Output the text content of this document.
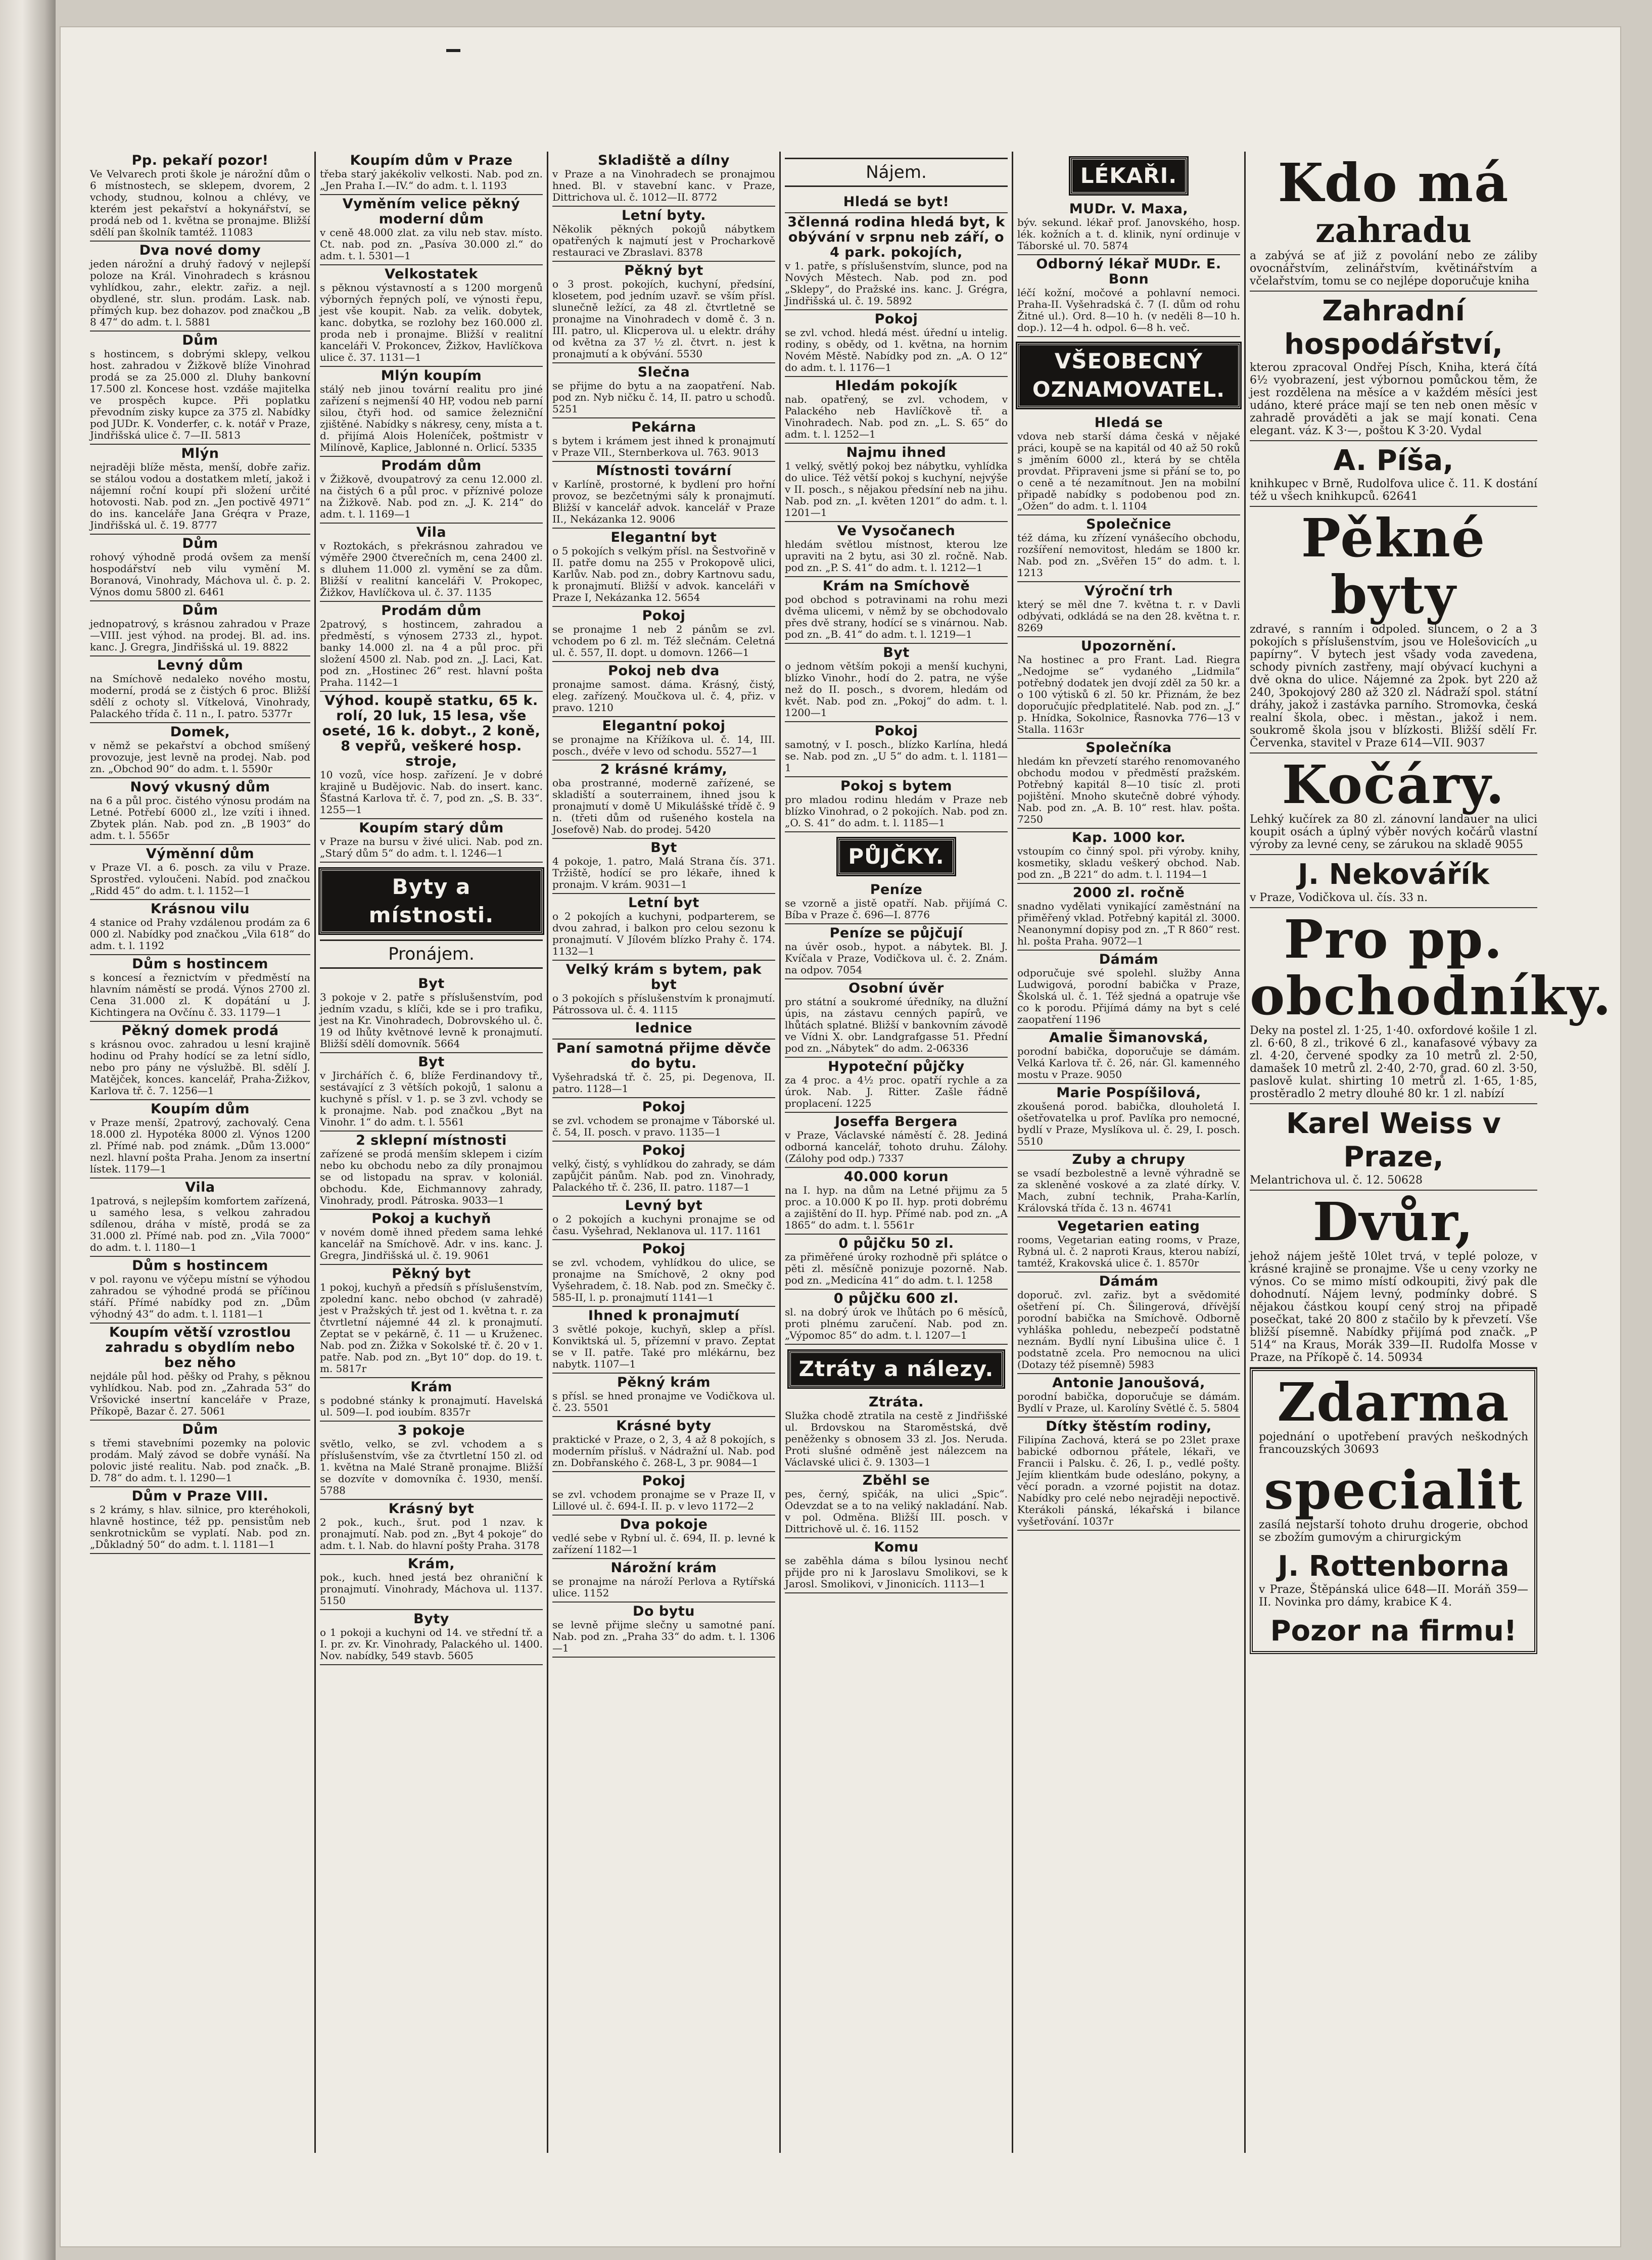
Pp. pekaří pozor!
Ve Velvarech proti škole je nárožní dům o 6 místnostech, se sklepem, dvorem, 2 vchody, studnou, kolnou a chlévy, ve kterém jest pekařství a hokynářství, se prodá neb od 1. května se pronajme. Bližší sdělí pan školník tamtéž. 11083
Dva nové domy
jeden nárožní a druhý řadový v nejlepší poloze na Král. Vinohradech s krásnou vyhlídkou, zahr., elektr. zařiz. a nejl. obydlené, str. slun. prodám. Lask. nab. přímých kup. bez dohazov. pod značkou „B 8 47“ do adm. t. l. 5881
Dům
s hostincem, s dobrými sklepy, velkou host. zahradou v Žižkově blíže Vinohrad prodá se za 25.000 zl. Dluhy bankovní 17.500 zl. Koncese host. vzdáše majitelka ve prospěch kupce. Při poplatku převodním zisky kupce za 375 zl. Nabídky pod JUDr. K. Vonderfer, c. k. notář v Praze, Jindřišská ulice č. 7—II. 5813
Mlýn
nejraději blíže města, menší, dobře zařiz. se stálou vodou a dostatkem mletí, jakož i nájemní roční koupí při složení určité hotovosti. Nab. pod zn. „Jen poctivě 4971“ do ins. kanceláře Jana Gréqra v Praze, Jindřišská ul. č. 19. 8777
Dům
rohový výhodně prodá ovšem za menší hospodářství neb vilu vymění M. Boranová, Vinohrady, Máchova ul. č. p. 2. Výnos domu 5800 zl. 6461
Dům
jednopatrový, s krásnou zahradou v Praze—VIII. jest výhod. na prodej. Bl. ad. ins. kanc. J. Gregra, Jindřišská ul. 19. 8822
Levný dům
na Smíchově nedaleko nového mostu, moderní, prodá se z čistých 6 proc. Bližší sdělí z ochoty sl. Vítkelová, Vinohrady, Palackého třída č. 11 n., I. patro. 5377r
Domek,
v němž se pekařství a obchod smíšený provozuje, jest levně na prodej. Nab. pod zn. „Obchod 90“ do adm. t. l. 5590r
Nový vkusný dům
na 6 a půl proc. čistého výnosu prodám na Letné. Potřebí 6000 zl., lze vzíti i ihned. Zbytek plán. Nab. pod zn. „B 1903“ do adm. t. l. 5565r
Výměnní dům
v Praze VI. a 6. posch. za vilu v Praze. Sprostřed. vyloučeni. Nabíd. pod značkou „Ridd 45“ do adm. t. l. 1152—1
Krásnou vilu
4 stanice od Prahy vzdálenou prodám za 6 000 zl. Nabídky pod značkou „Vila 618“ do adm. t. l. 1192
Dům s hostincem
s koncesí a řeznictvím v předměstí na hlavním náměstí se prodá. Výnos 2700 zl. Cena 31.000 zl. K dopátání u J. Kichtingera na Ovčínu č. 33. 1179—1
Pěkný domek prodá
s krásnou ovoc. zahradou u lesní krajině hodinu od Prahy hodící se za letní sídlo, nebo pro pány ne výslužbě. Bl. sdělí J. Matějček, konces. kancelář, Praha-Žižkov, Karlova tř. č. 7. 1256—1
Koupím dům
v Praze menší, 2patrový, zachovalý. Cena 18.000 zl. Hypotéka 8000 zl. Výnos 1200 zl. Přímé nab. pod známk. „Dům 13.000“ nezl. hlavní pošta Praha. Jenom za insertní lístek. 1179—1
Vila
1patrová, s nejlepším komfortem zařízená, u samého lesa, s velkou zahradou sdílenou, dráha v místě, prodá se za 31.000 zl. Přímé nab. pod zn. „Vila 7000“ do adm. t. l. 1180—1
Dům s hostincem
v pol. rayonu ve výčepu místní se výhodou zahradou se výhodné prodá se příčinou stáří. Přímé nabídky pod zn. „Dům výhodný 43“ do adm. t. l. 1181—1
Koupím větší vzrostlou zahradu s obydlím nebo bez něho
nejdále půl hod. pěšky od Prahy, s pěknou vyhlídkou. Nab. pod zn. „Zahrada 53“ do Vršovické insertní kanceláře v Praze, Příkopě, Bazar č. 27. 5061
Dům
s třemi stavebními pozemky na polovic prodám. Malý závod se dobře vynáší. Na polovic jisté realitu. Nab. pod značk. „B. D. 78“ do adm. t. l. 1290—1
Dům v Praze VIII.
s 2 krámy, s hlav. silnice, pro kteréhokoli, hlavně hostince, též pp. pensistům neb senkrotnickům se vyplatí. Nab. pod zn. „Důkladný 50“ do adm. t. l. 1181—1
Koupím dům v Praze
třeba starý jakékoliv velkosti. Nab. pod zn. „Jen Praha I.—IV.“ do adm. t. l. 1193
Vyměním velice pěkný moderní dům
v ceně 48.000 zlat. za vilu neb stav. místo. Ct. nab. pod zn. „Pasíva 30.000 zl.“ do adm. t. l. 5301—1
Velkostatek
s pěknou výstavností a s 1200 morgenů výborných řepných polí, ve výnosti řepu, jest vše koupit. Nab. za velik. dobytek, kanc. dobytka, se rozlohy bez 160.000 zl. proda neb i pronajme. Bližší v realitní kanceláři V. Prokoncev, Žižkov, Havlíčkova ulice č. 37. 1131—1
Mlýn koupím
stálý neb jinou tovární realitu pro jiné zařízení s nejmenší 40 HP, vodou neb parní silou, čtyři hod. od samice železniční zjištěné. Nabídky s nákresy, ceny, místa a t. d. přijímá Alois Holeníček, poštmistr v Milínově, Kaplice, Jablonné n. Orlicí. 5335
Prodám dům
v Žižkově, dvoupatrový za cenu 12.000 zl. na čistých 6 a půl proc. v příznivé poloze na Žižkově. Nab. pod zn. „J. K. 214“ do adm. t. l. 1169—1
Vila
v Roztokách, s překrásnou zahradou ve výměře 2900 čtverečních m, cena 2400 zl. s dluhem 11.000 zl. vymění se za dům. Bližší v realitní kanceláři V. Prokopec, Žižkov, Havlíčkova ul. č. 37. 1135
Prodám dům
2patrový, s hostincem, zahradou a předměstí, s výnosem 2733 zl., hypot. banky 14.000 zl. na 4 a půl proc. při složení 4500 zl. Nab. pod zn. „J. Laci, Kat. pod zn. „Hostinec 26“ rest. hlavní pošta Praha. 1142—1
Výhod. koupě statku, 65 k. rolí, 20 luk, 15 lesa, vše oseté, 16 k. dobyt., 2 koně, 8 vepřů, veškeré hosp. stroje,
10 vozů, více hosp. zařízení. Je v dobré krajině u Budějovic. Nab. do insert. kanc. Šťastná Karlova tř. č. 7, pod zn. „S. B. 33“. 1255—1
Koupím starý dům
v Praze na bursu v živé ulici. Nab. pod zn. „Starý dům 5“ do adm. t. l. 1246—1
Byty a místnosti.
Pronájem.
Byt
3 pokoje v 2. patře s příslušenstvím, pod jedním vzadu, s klíči, kde se i pro trafiku, jest na Kr. Vinohradech, Dobrovského ul. č. 19 od lhůty květnové levně k pronajmutí. Bližší sdělí domovník. 5664
Byt
v Jirchářích č. 6, blíže Ferdinandovy tř., sestávající z 3 větších pokojů, 1 salonu a kuchyně s přísl. v 1. p. se 3 zvl. vchody se k pronajme. Nab. pod značkou „Byt na Vinohr. 1“ do adm. t. l. 5561
2 sklepní místnosti
zařízené se prodá menším sklepem i cizím nebo ku obchodu nebo za díly pronajmou se od listopadu na sprav. v koloniál. obchodu. Kde, Eichmannovy zahrady, Vinohrady, prodl. Pátroska. 9033—1
Pokoj a kuchyň
v novém domě ihned předem sama lehké kancelář na Smíchově. Adr. v ins. kanc. J. Gregra, Jindřišská ul. č. 19. 9061
Pěkný byt
1 pokoj, kuchyň a předsíň s příslušenstvím, zpolední kanc. nebo obchod (v zahradě) jest v Pražských tř. jest od 1. května t. r. za čtvrtletní nájemné 44 zl. k pronajmutí. Zeptat se v pekárně, č. 11 — u Kruženec. Nab. pod zn. Žižka v Sokolské tř. č. 20 v 1. patře. Nab. pod zn. „Byt 10“ dop. do 19. t. m. 5817r
Krám
s podobné stánky k pronajmutí. Havelská ul. 509—I. pod ioubím. 8357r
3 pokoje
světlo, velko, se zvl. vchodem a s příslušenstvím, vše za čtvrtletní 150 zl. od 1. května na Malé Straně pronajme. Bližší se dozvíte v domovníka č. 1930, menší. 5788
Krásný byt
2 pok., kuch., šrut. pod 1 nzav. k pronajmutí. Nab. pod zn. „Byt 4 pokoje“ do adm. t. l. Nab. do hlavní pošty Praha. 3178
Krám,
pok., kuch. hned jestá bez ohraniční k pronajmutí. Vinohrady, Máchova ul. 1137. 5150
Byty
o 1 pokoji a kuchyni od 14. ve střední tř. a I. pr. zv. Kr. Vinohrady, Palackého ul. 1400. Nov. nabídky, 549 stavb. 5605
Skladiště a dílny
v Praze a na Vinohradech se pronajmou hned. Bl. v stavební kanc. v Praze, Dittrichova ul. č. 1012—II. 8772
Letní byty.
Několik pěkných pokojů nábytkem opatřených k najmutí jest v Procharkově restauraci ve Zbraslavi. 8378
Pěkný byt
o 3 prost. pokojích, kuchyní, předsíní, klosetem, pod jedním uzavř. se vším přísl. slunečně ležící, za 48 zl. čtvrtletně se pronajme na Vinohradech v domě č. 3 n. III. patro, ul. Klicperova ul. u elektr. dráhy od května za 37 ½ zl. čtvrt. n. jest k pronajmutí a k obývání. 5530
Slečna
se přijme do bytu a na zaopatření. Nab. pod zn. Nyb ničku č. 14, II. patro u schodů. 5251
Pekárna
s bytem i krámem jest ihned k pronajmutí v Praze VII., Sternberkova ul. 763. 9013
Místnosti tovární
v Karlíně, prostorné, k bydlení pro hořní provoz, se bezčetnými sály k pronajmutí. Bližší v kancelář advok. kancelář v Praze II., Nekázanka 12. 9006
Elegantní byt
o 5 pokojích s velkým přísl. na Šestvořině v II. patře domu na 255 v Prokopově ulici, Karlův. Nab. pod zn., dobry Kartnovu sadu, k pronajmutí. Bližší v advok. kanceláři v Praze I, Nekázanka 12. 5654
Pokoj
se pronajme 1 neb 2 pánům se zvl. vchodem po 6 zl. m. Též slečnám. Celetná ul. č. 557, II. dopt. u domovn. 1266—1
Pokoj neb dva
pronajme samost. dáma. Krásný, čistý, eleg. zařízený. Moučkova ul. č. 4, přiz. v pravo. 1210
Elegantní pokoj
se pronajme na Křížíkova ul. č. 14, III. posch., dvéře v levo od schodu. 5527—1
2 krásné krámy,
oba prostranné, moderně zařízené, se skladiští a souterrainem, ihned jsou k pronajmutí v domě U Mikulášské třídě č. 9 n. (třeti dům od rušeného kostela na Josefově) Nab. do prodej. 5420
Byt
4 pokoje, 1. patro, Malá Strana čís. 371. Tržiště, hodící se pro lékaře, ihned k pronajm. V krám. 9031—1
Letní byt
o 2 pokojích a kuchyni, podparterem, se dvou zahrad, i balkon pro celou sezonu k pronajmutí. V Jílovém blízko Prahy č. 174. 1132—1
Velký krám s bytem, pak byt
o 3 pokojích s příslušenstvím k pronajmutí. Pátrossova ul. č. 4. 1115
lednice
Paní samotná přijme děvče do bytu.
Vyšehradská tř. č. 25, pi. Degenova, II. patro. 1128—1
Pokoj
se zvl. vchodem se pronajme v Táborské ul. č. 54, II. posch. v pravo. 1135—1
Pokoj
velký, čistý, s vyhlídkou do zahrady, se dám zapůjčit pánům. Nab. pod zn. Vinohrady, Palackého tř. č. 236, II. patro. 1187—1
Levný byt
o 2 pokojích a kuchyni pronajme se od času. Vyšehrad, Neklanova ul. 117. 1161
Pokoj
se zvl. vchodem, vyhlídkou do ulice, se pronajme na Smíchově, 2 okny pod Vyšehradem, č. 18. Nab. pod zn. Smečky č. 585-II, l. p. pronajmutí 1141—1
Ihned k pronajmutí
3 světlé pokoje, kuchyň, sklep a přísl. Konviktská ul. 5, přízemní v pravo. Zeptat se v II. patře. Také pro mlékárnu, bez nabytk. 1107—1
Pěkný krám
s přísl. se hned pronajme ve Vodičkova ul. č. 23. 5501
Krásné byty
praktické v Praze, o 2, 3, 4 až 8 pokojích, s moderním přísluš. v Nádražní ul. Nab. pod zn. Dobřanského č. 268-L, 3 pr. 9084—1
Pokoj
se zvl. vchodem pronajme se v Praze II, v Lillové ul. č. 694-I. II. p. v levo 1172—2
Dva pokoje
vedlé sebe v Rybní ul. č. 694, II. p. levné k zařízení 1182—1
Nárožní krám
se pronajme na nároží Perlova a Rytířská ulice. 1152
Do bytu
se levně přijme slečny u samotné paní. Nab. pod zn. „Praha 33“ do adm. t. l. 1306—1
Nájem.
Hledá se byt!
3členná rodina hledá byt, k obývání v srpnu neb září, o 4 park. pokojích,
v 1. patře, s příslušenstvím, slunce, pod na Nových Městech. Nab. pod zn. pod „Sklepy“, do Pražské ins. kanc. J. Grégra, Jindřišská ul. č. 19. 5892
Pokoj
se zvl. vchod. hledá mést. úřední u intelig. rodiny, s obědy, od 1. května, na hornim Novém Městě. Nabídky pod zn. „A. O 12“ do adm. t. l. 1176—1
Hledám pokojík
nab. opatřený, se zvl. vchodem, v Palackého neb Havlíčkově tř. a Vinohradech. Nab. pod zn. „L. S. 65“ do adm. t. l. 1252—1
Najmu ihned
1 velký, světlý pokoj bez nábytku, vyhlídka do ulice. Též větší pokoj s kuchyní, nejvýše v II. posch., s nějakou předsíní neb na jihu. Nab. pod zn. „I. květen 1201“ do adm. t. l. 1201—1
Ve Vysočanech
hledám světlou místnost, kterou lze upraviti na 2 bytu, asi 30 zl. ročně. Nab. pod zn. „P. S. 41“ do adm. t. l. 1212—1
Krám na Smíchově
pod obchod s potravinami na rohu mezi dvěma ulicemi, v němž by se obchodovalo přes dvě strany, hodící se s vinárnou. Nab. pod zn. „B. 41“ do adm. t. l. 1219—1
Byt
o jednom větším pokoji a menší kuchyni, blízko Vinohr., hodí do 2. patra, ne výše než do II. posch., s dvorem, hledám od květ. Nab. pod zn. „Pokoj“ do adm. t. l. 1200—1
Pokoj
samotný, v I. posch., blízko Karlína, hledá se. Nab. pod zn. „U 5“ do adm. t. l. 1181—1
Pokoj s bytem
pro mladou rodinu hledám v Praze neb blízko Vinohrad, o 2 pokojích. Nab. pod zn. „O. S. 41“ do adm. t. l. 1185—1
PŮJČKY.
Peníze
se vzorně a jistě opatří. Nab. přijímá C. Bíba v Praze č. 696—I. 8776
Peníze se půjčují
na úvěr osob., hypot. a nábytek. Bl. J. Kvíčala v Praze, Vodičkova ul. č. 2. Znám. na odpov. 7054
Osobní úvěr
pro státní a soukromé úředníky, na dlužní úpis, na zástavu cenných papírů, ve lhůtách splatné. Bližší v bankovním závodě ve Vídni X. obr. Landgrafgasse 51. Přední pod zn. „Nábytek“ do adm. 2-06336
Hypoteční půjčky
za 4 proc. a 4½ proc. opatří rychle a za úrok. Nab. J. Ritter. Zašle řádně proplacení. 1225
Joseffa Bergera
v Praze, Václavské náměstí č. 28. Jediná odborná kancelář, tohoto druhu. Zálohy. (Zálohy pod odp.) 7337
40.000 korun
na I. hyp. na dům na Letné přijmu za 5 proc. a 10.000 K po II. hyp. proti dobrému a zajištění do II. hyp. Přímé nab. pod zn. „A 1865“ do adm. t. l. 5561r
0 půjčku 50 zl.
za přiměřené úroky rozhodně při splátce o pěti zl. měsíčně ponizuje pozorně. Nab. pod zn. „Medicína 41“ do adm. t. l. 1258
0 půjčku 600 zl.
sl. na dobrý úrok ve lhůtách po 6 měsíců, proti plnému zaručení. Nab. pod zn. „Výpomoc 85“ do adm. t. l. 1207—1
Ztráty a nálezy.
Ztráta.
Služka chodě ztratila na cestě z Jindřišské ul. Brdovskou na Staroměstská, dvě peněženky s obnosem 33 zl. Jos. Neruda. Proti slušné odměně jest nálezcem na Václavské ulici č. 9. 1303—1
Zběhl se
pes, černý, spičák, na ulici „Spic“. Odevzdat se a to na veliký nakladání. Nab. v pol. Odměna. Bližší III. posch. v Dittrichově ul. č. 16. 1152
Komu
se zaběhla dáma s bílou lysinou nechť přijde pro ni k Jaroslavu Smolikovi, se k Jarosl. Smolikovi, v Jinonicích. 1113—1
LÉKAŘI.
MUDr. V. Maxa,
býv. sekund. lékař prof. Janovského, hosp. lék. kožních a t. d. klinik, nyní ordinuje v Táborské ul. 70. 5874
Odborný lékař MUDr. E. Bonn
léčí kožní, močové a pohlavní nemoci. Praha-II. Vyšehradská č. 7 (I. dům od rohu Žitné ul.). Ord. 8—10 h. (v neděli 8—10 h. dop.). 12—4 h. odpol. 6—8 h. več.
VŠEOBECNÝ OZNAMOVATEL.
Hledá se
vdova neb starší dáma česká v nějaké práci, koupě se na kapitál od 40 až 50 roků s jměním 6000 zl., která by se chtěla provdat. Připraveni jsme si přání se to, po o ceně a té nezamítnout. Jen na mobilní připadě nabídky s podobenou pod zn. „Ožen“ do adm. t. l. 1104
Společnice
též dáma, ku zřízení vynášecího obchodu, rozšíření nemovitost, hledám se 1800 kr. Nab. pod zn. „Svěřen 15“ do adm. t. l. 1213
Výroční trh
který se měl dne 7. května t. r. v Davli odbývati, odkládá se na den 28. května t. r. 8269
Upozornění.
Na hostinec a pro Frant. Lad. Riegra „Nedojme se“ vydaného „Lidmila“ potřebný dodatek jen dvojí zděl za 50 kr. a o 100 výtisků 6 zl. 50 kr. Přiznám, že bez doporučujíc předplatitelé. Nab. pod zn. „J.“ p. Hnídka, Sokolnice, Řasnovka 776—13 v Stalla. 1163r
Společníka
hledám kn převzetí starého renomovaného obchodu modou v předměstí pražském. Potřebný kapitál 8—10 tisíc zl. proti pojištění. Mnoho skutečně dobré výhody. Nab. pod zn. „A. B. 10“ rest. hlav. pošta. 7250
Kap. 1000 kor.
vstoupím co činný spol. při výroby. knihy, kosmetiky, skladu veškerý obchod. Nab. pod zn. „B 221“ do adm. t. l. 1194—1
2000 zl. ročně
snadno vydělati vynikající zaměstnání na přiměřený vklad. Potřebný kapitál zl. 3000. Neanonymní dopisy pod zn. „T R 860“ rest. hl. pošta Praha. 9072—1
Dámám
odporučuje své spolehl. služby Anna Ludwigová, porodní babička v Praze, Školská ul. č. 1. Též sjedná a opatruje vše co k porodu. Přijímá dámy na byt s celé zaopatření 1196
Amalie Šimanovská,
porodní babička, doporučuje se dámám. Velká Karlova tř. č. 26, nár. Gl. kamenného mostu v Praze. 9050
Marie Pospíšilová,
zkoušená porod. babička, dlouholetá I. ošetřovatelka u prof. Pavlíka pro nemocné, bydlí v Praze, Myslíkova ul. č. 29, I. posch. 5510
Zuby a chrupy
se vsadí bezbolestně a levně výhradně se za skleněné voskové a za zlaté dírky. V. Mach, zubní technik, Praha-Karlín, Královská třída č. 13 n. 46741
Vegetarien eating
rooms, Vegetarian eating rooms, v Praze, Rybná ul. č. 2 naproti Kraus, kterou nabízí, tamtéž, Krakovská ulice č. 1. 8570r
Dámám
doporuč. zvl. zařiz. byt a svědomité ošetření pí. Ch. Šilingerová, dřívější porodní babička na Smíchově. Odborně vyhláška pohledu, nebezpečí podstatně neznám. Bydlí nyní Libušina ulice č. 1 podstatně zcela. Pro nemocnou na ulici (Dotazy též písemně) 5983
Antonie Janoušová,
porodní babička, doporučuje se dámám. Bydlí v Praze, ul. Karolíny Světlé č. 5. 5804
Dítky štěstím rodiny,
Filipína Zachová, která se po 23let praxe babické odbornou přátele, lékaři, ve Francii i Palsku. č. 26, I. p., vedlé pošty. Jejím klientkám bude odesláno, pokyny, a věcí poradn. a vzorné pojistit na dotaz. Nabídky pro celé nebo nejraději nepoctivě. Kterákoli pánská, lékařská i bilance vyšetřování. 1037r
Kdo má
zahradu
a zabývá se ať již z povolání nebo ze záliby ovocnářstvím, zelinářstvím, květinářstvím a včelařstvím, tomu se co nejlépe doporučuje kniha
Zahradní hospodářství,
kterou zpracoval Ondřej Písch, Kniha, která čítá 6½ vyobrazení, jest výbornou pomůckou těm, že jest rozdělena na měsíce a v každém měsíci jest udáno, které práce mají se ten neb onen měsíc v zahradě prováděti a jak se mají konati. Cena elegant. váz. K 3·—, poštou K 3·20. Vydal
A. Píša,
knihkupec v Brně, Rudolfova ulice č. 11. K dostání též u všech knihkupců. 62641
Pěkné byty
zdravé, s ranním i odpoled. sluncem, o 2 a 3 pokojích s příslušenstvím, jsou ve Holešovicích „u papírny“. V bytech jest všady voda zavedena, schody pivních zastřeny, mají obývací kuchyni a dvě okna do ulice. Nájemné za 2pok. byt 220 až 240, 3pokojový 280 až 320 zl. Nádraží spol. státní dráhy, jakož i zastávka parního. Stromovka, česká realní škola, obec. i městan., jakož i nem. soukromě škola jsou v blízkosti. Bližší sdělí Fr. Červenka, stavitel v Praze 614—VII. 9037
Kočáry.
Lehký kučírek za 80 zl. zánovní landauer na ulici koupit osách a úplný výběr nových kočárů vlastní výroby za levné ceny, se zárukou na skladě 9055
J. Nekovářík
v Praze, Vodičkova ul. čís. 33 n.
Pro pp. obchodníky.
Deky na postel zl. 1·25, 1·40. oxfordové košile 1 zl. zl. 6·60, 8 zl., trikové 6 zl., kanafasové výbavy za zl. 4·20, červené spodky za 10 metrů zl. 2·50, damašek 10 metrů zl. 2·40, 2·70, grad. 60 zl. 3·50, paslově kulat. shirting 10 metrů zl. 1·65, 1·85, prostěradlo 2 metry dlouhé 80 kr. 1 zl. nabízí
Karel Weiss v Praze,
Melantrichova ul. č. 12. 50628
Dvůr,
jehož nájem ještě 10let trvá, v teplé poloze, v krásné krajině se pronajme. Vše u ceny vzorky ne výnos. Co se mimo místí odkoupiti, živý pak dle dohodnutí. Nájem levný, podmínky dobré. S nějakou částkou koupí cený stroj na připadě posečkat, také 20 800 z stačilo by k převzetí. Vše bližší písemně. Nabídky přijímá pod značk. „P 514“ na Kraus, Morák 339—II. Rudolfa Mosse v Praze, na Příkopě č. 14. 50934
Zdarma
pojednání o upotřebení pravých neškodných francouzských 30693
specialit
zasílá nejstarší tohoto druhu drogerie, obchod se zbožím gumovým a chirurgickým
J. Rottenborna
v Praze, Štěpánská ulice 648—II. Moráň 359—II. Novinka pro dámy, krabice K 4.
Pozor na firmu!
